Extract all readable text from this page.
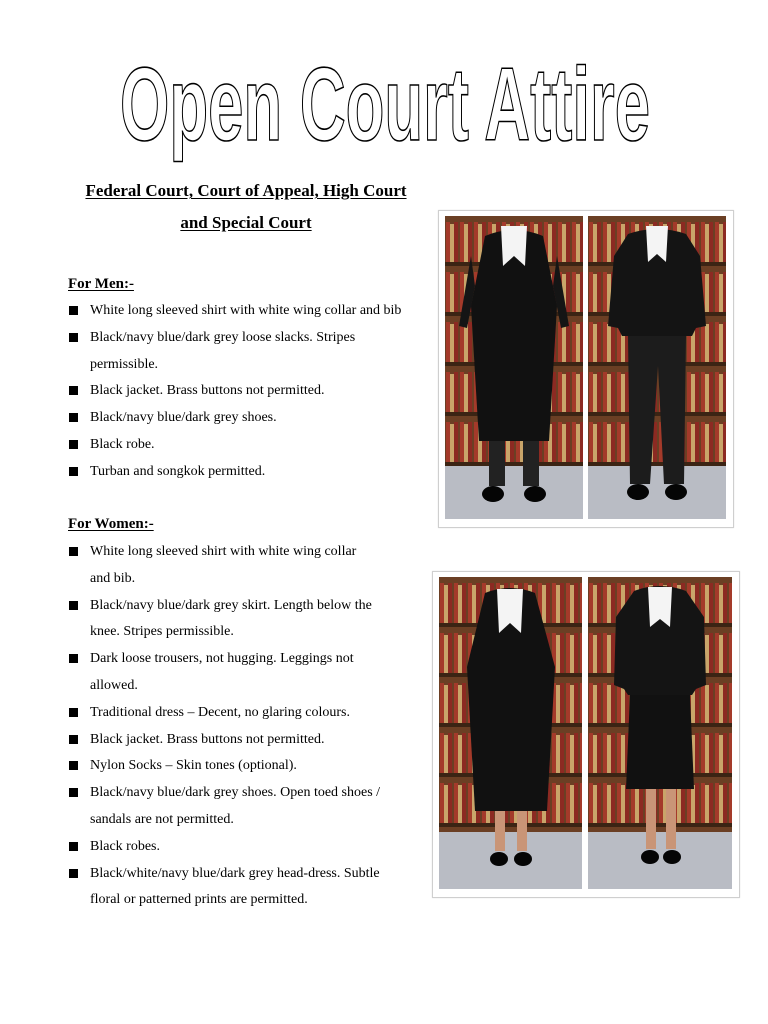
Open Court Attire
Federal Court, Court of Appeal, High Court
and Special Court
For Men:-
White long sleeved shirt with white wing collar and bib
Black/navy blue/dark grey loose slacks. Stripes
permissible.
Black jacket. Brass buttons not permitted.
Black/navy blue/dark grey shoes.
Black robe.
Turban and songkok permitted.
For Women:-
White long sleeved shirt with white wing collar
and bib.
Black/navy blue/dark grey skirt. Length below the
knee. Stripes permissible.
Dark loose trousers, not hugging. Leggings not
allowed.
Traditional dress – Decent, no glaring colours.
Black jacket. Brass buttons not permitted.
Nylon Socks – Skin tones (optional).
Black/navy blue/dark grey shoes. Open toed shoes /
sandals are not permitted.
Black robes.
Black/white/navy blue/dark grey head-dress. Subtle
floral or patterned prints are permitted.
